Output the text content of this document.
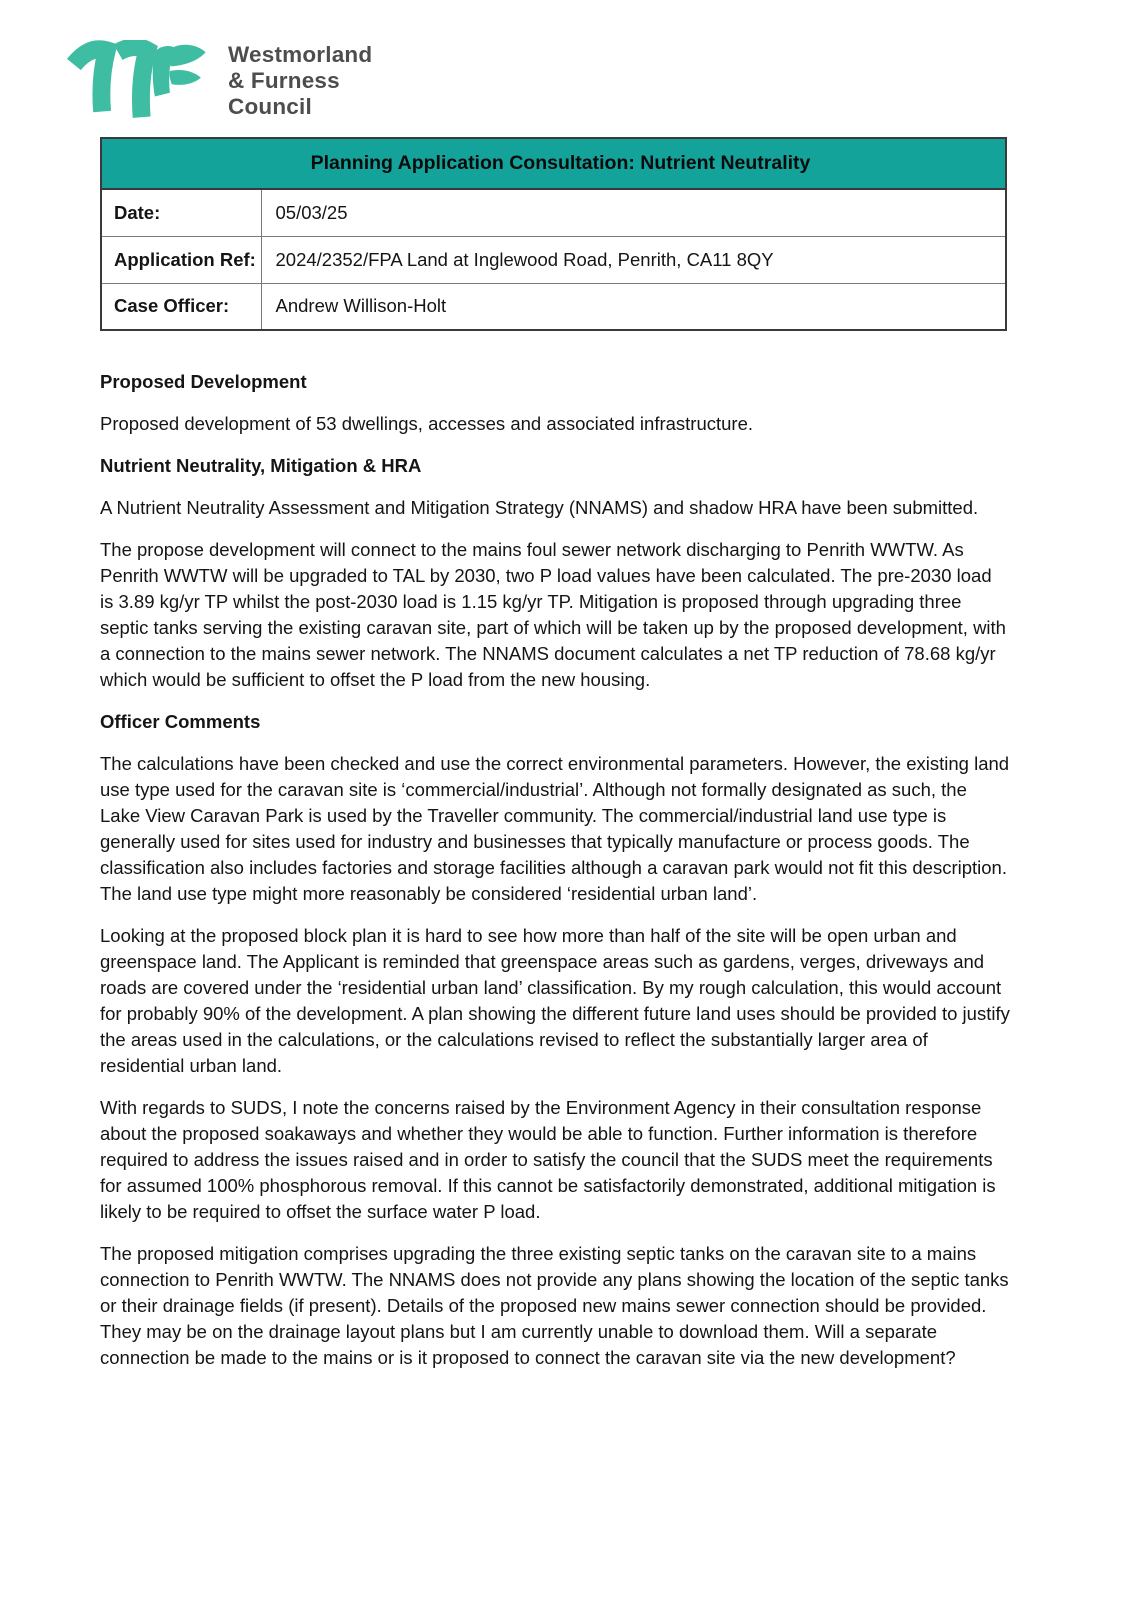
Westmorland
& Furness
Council
Planning Application Consultation: Nutrient Neutrality	
Date:	05/03/25
Application Ref:	2024/2352/FPA Land at Inglewood Road, Penrith, CA11 8QY
Case Officer:	Andrew Willison-Holt
Proposed Development

Proposed development of 53 dwellings, accesses and associated infrastructure.

Nutrient Neutrality, Mitigation & HRA

A Nutrient Neutrality Assessment and Mitigation Strategy (NNAMS) and shadow HRA have been submitted.

The propose development will connect to the mains foul sewer network discharging to Penrith WWTW. As Penrith WWTW will be upgraded to TAL by 2030, two P load values have been calculated. The pre-2030 load is 3.89 kg/yr TP whilst the post-2030 load is 1.15 kg/yr TP. Mitigation is proposed through upgrading three septic tanks serving the existing caravan site, part of which will be taken up by the proposed development, with a connection to the mains sewer network. The NNAMS document calculates a net TP reduction of 78.68 kg/yr which would be sufficient to offset the P load from the new housing.

Officer Comments

The calculations have been checked and use the correct environmental parameters. However, the existing land use type used for the caravan site is ‘commercial/industrial’. Although not formally designated as such, the Lake View Caravan Park is used by the Traveller community. The commercial/industrial land use type is generally used for sites used for industry and businesses that typically manufacture or process goods. The classification also includes factories and storage facilities although a caravan park would not fit this description. The land use type might more reasonably be considered ‘residential urban land’.

Looking at the proposed block plan it is hard to see how more than half of the site will be open urban and greenspace land. The Applicant is reminded that greenspace areas such as gardens, verges, driveways and roads are covered under the ‘residential urban land’ classification. By my rough calculation, this would account for probably 90% of the development. A plan showing the different future land uses should be provided to justify the areas used in the calculations, or the calculations revised to reflect the substantially larger area of residential urban land.

With regards to SUDS, I note the concerns raised by the Environment Agency in their consultation response about the proposed soakaways and whether they would be able to function. Further information is therefore required to address the issues raised and in order to satisfy the council that the SUDS meet the requirements for assumed 100% phosphorous removal. If this cannot be satisfactorily demonstrated, additional mitigation is likely to be required to offset the surface water P load.

The proposed mitigation comprises upgrading the three existing septic tanks on the caravan site to a mains connection to Penrith WWTW. The NNAMS does not provide any plans showing the location of the septic tanks or their drainage fields (if present). Details of the proposed new mains sewer connection should be provided. They may be on the drainage layout plans but I am currently unable to download them. Will a separate connection be made to the mains or is it proposed to connect the caravan site via the new development?
